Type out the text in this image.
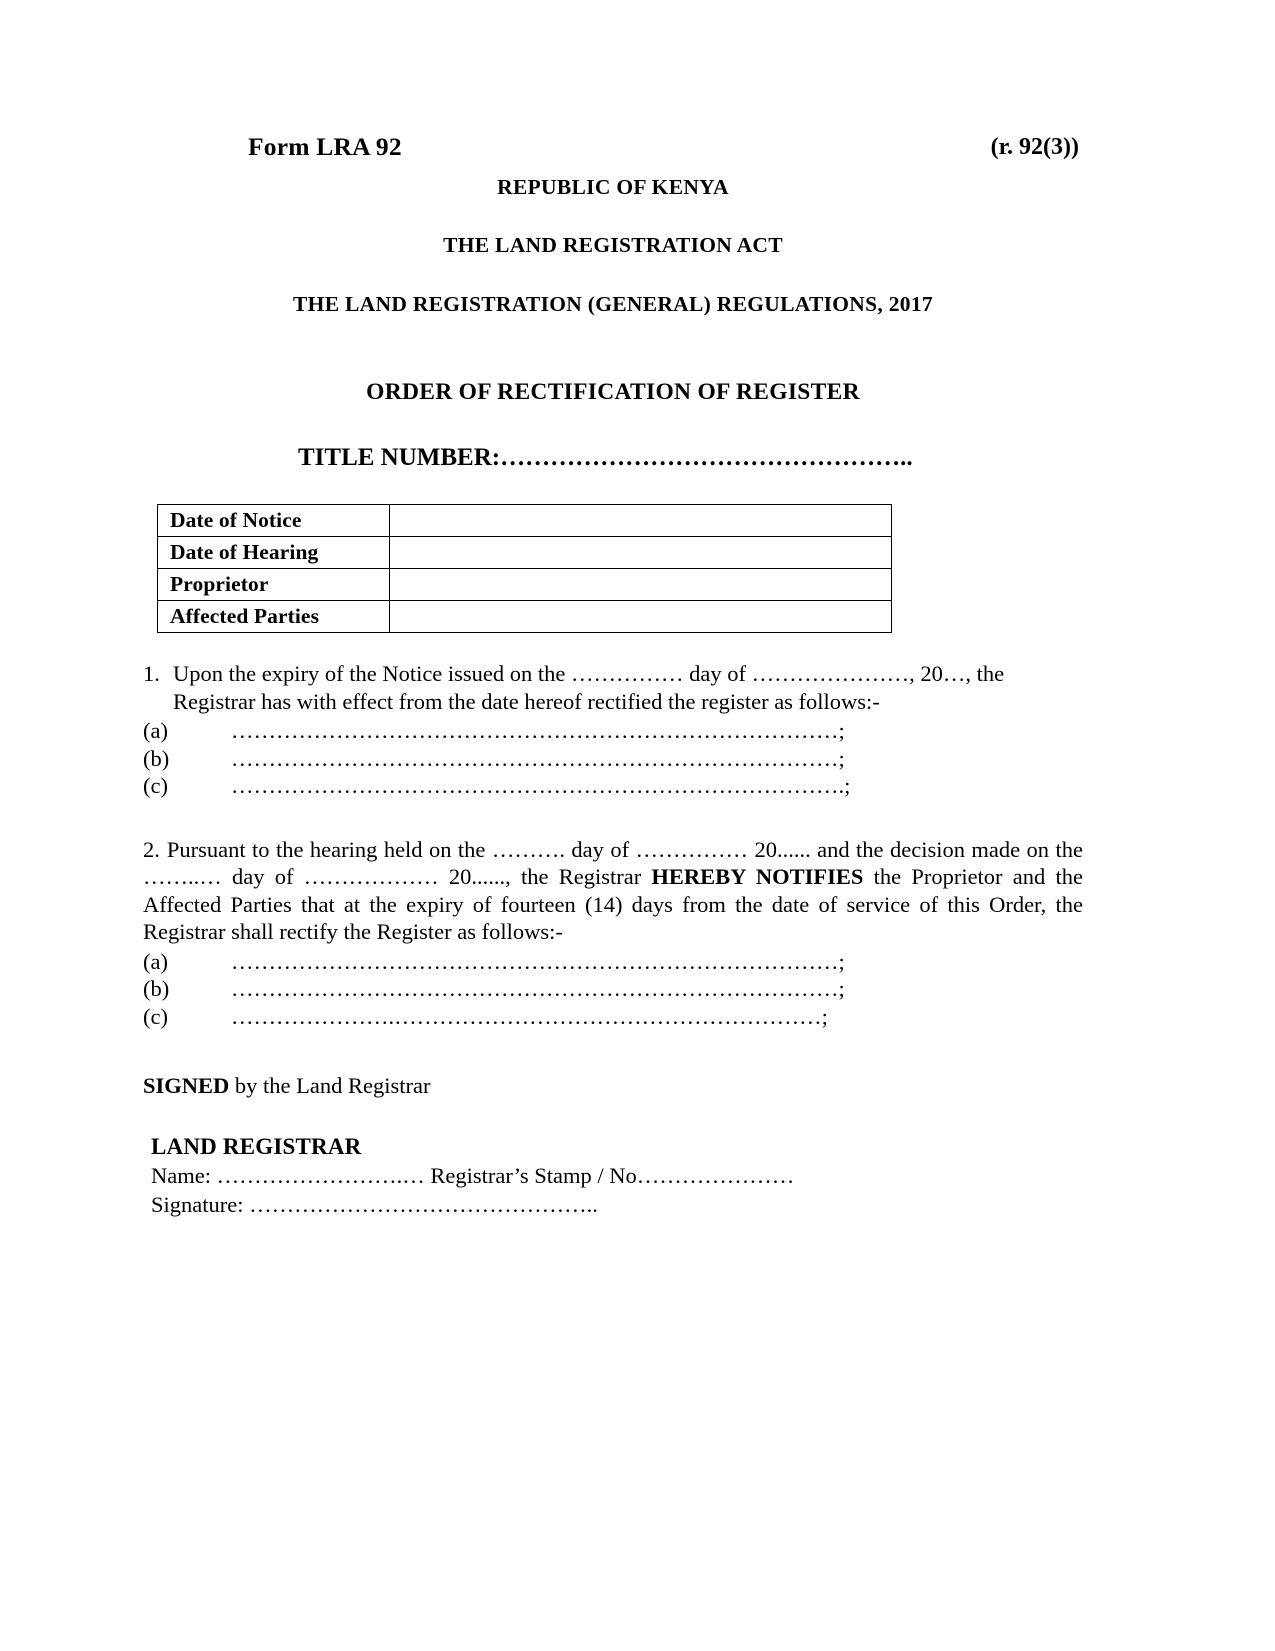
Form LRA 92	(r. 92(3))
REPUBLIC OF KENYA
THE LAND REGISTRATION ACT
THE LAND REGISTRATION (GENERAL) REGULATIONS, 2017
ORDER OF RECTIFICATION OF REGISTER
TITLE NUMBER:…………………………………………..
Date of Notice	
Date of Hearing	
Proprietor	
Affected Parties	
1. Upon the expiry of the Notice issued on the …………… day of …………………, 20…, the
Registrar has with effect from the date hereof rectified the register as follows:-
(a)	………………………………………………………………………;
(b)	………………………………………………………………………;
(c)	……………………………………………………………………….;
2. Pursuant to the hearing held on the ………. day of …………… 20...... and the decision made on the ……..… day of ……………… 20......, the Registrar HEREBY NOTIFIES the Proprietor and the Affected Parties that at the expiry of fourteen (14) days from the date of service of this Order, the Registrar shall rectify the Register as follows:-
(a)	………………………………………………………………………;
(b)	………………………………………………………………………;
(c)	………………….…………………………………………………;
SIGNED by the Land Registrar
LAND REGISTRAR
Name: …………………….… Registrar’s Stamp / No…………………
Signature: ………………………………………..
